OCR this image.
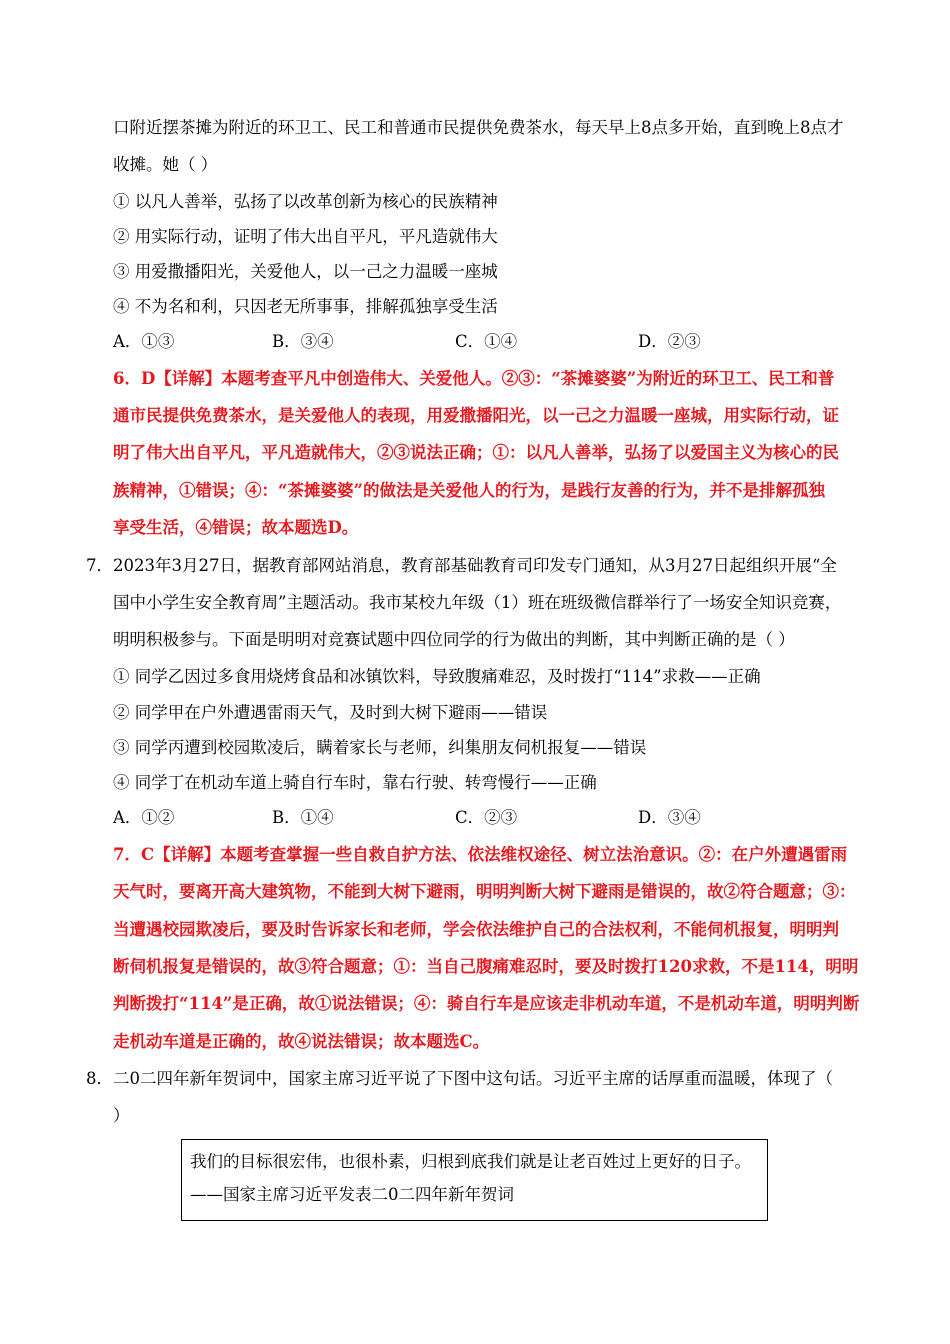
口附近摆茶摊为附近的环卫工、民工和普通市民提供免费茶水，每天早上8点多开始，直到晚上8点才
收摊。她（ ）
① 以凡人善举，弘扬了以改革创新为核心的民族精神
② 用实际行动，证明了伟大出自平凡，平凡造就伟大
③ 用爱撒播阳光，关爱他人，以一己之力温暖一座城
④ 不为名和利，只因老无所事事，排解孤独享受生活
A．①③	B．③④	C．①④	D．②③
6．D【详解】本题考查平凡中创造伟大、关爱他人。②③：“茶摊婆婆”为附近的环卫工、民工和普
通市民提供免费茶水，是关爱他人的表现，用爱撒播阳光，以一己之力温暖一座城，用实际行动，证
明了伟大出自平凡，平凡造就伟大，②③说法正确；①：以凡人善举，弘扬了以爱国主义为核心的民
族精神，①错误；④：“茶摊婆婆”的做法是关爱他人的行为，是践行友善的行为，并不是排解孤独
享受生活，④错误；故本题选D。
7． 2023年3月27日，据教育部网站消息，教育部基础教育司印发专门通知，从3月27日起组织开展“全
国中小学生安全教育周”主题活动。我市某校九年级（1）班在班级微信群举行了一场安全知识竞赛，
明明积极参与。下面是明明对竞赛试题中四位同学的行为做出的判断，其中判断正确的是（ ）
① 同学乙因过多食用烧烤食品和冰镇饮料，导致腹痛难忍，及时拨打“114”求救——正确
② 同学甲在户外遭遇雷雨天气，及时到大树下避雨——错误
③ 同学丙遭到校园欺凌后，瞒着家长与老师，纠集朋友伺机报复——错误
④ 同学丁在机动车道上骑自行车时，靠右行驶、转弯慢行——正确
A．①②	B．①④	C．②③	D．③④
7．C【详解】本题考查掌握一些自救自护方法、依法维权途径、树立法治意识。②：在户外遭遇雷雨
天气时，要离开高大建筑物，不能到大树下避雨，明明判断大树下避雨是错误的，故②符合题意；③：
当遭遇校园欺凌后，要及时告诉家长和老师，学会依法维护自己的合法权利，不能伺机报复，明明判
断伺机报复是错误的，故③符合题意；①：当自己腹痛难忍时，要及时拨打120求救，不是114，明明
判断拨打“114”是正确，故①说法错误；④：骑自行车是应该走非机动车道，不是机动车道，明明判断
走机动车道是正确的，故④说法错误；故本题选C。
8． 二0二四年新年贺词中，国家主席习近平说了下图中这句话。习近平主席的话厚重而温暖，体现了（
）
我们的目标很宏伟，也很朴素，归根到底我们就是让老百姓过上更好的日子。
——国家主席习近平发表二0二四年新年贺词
